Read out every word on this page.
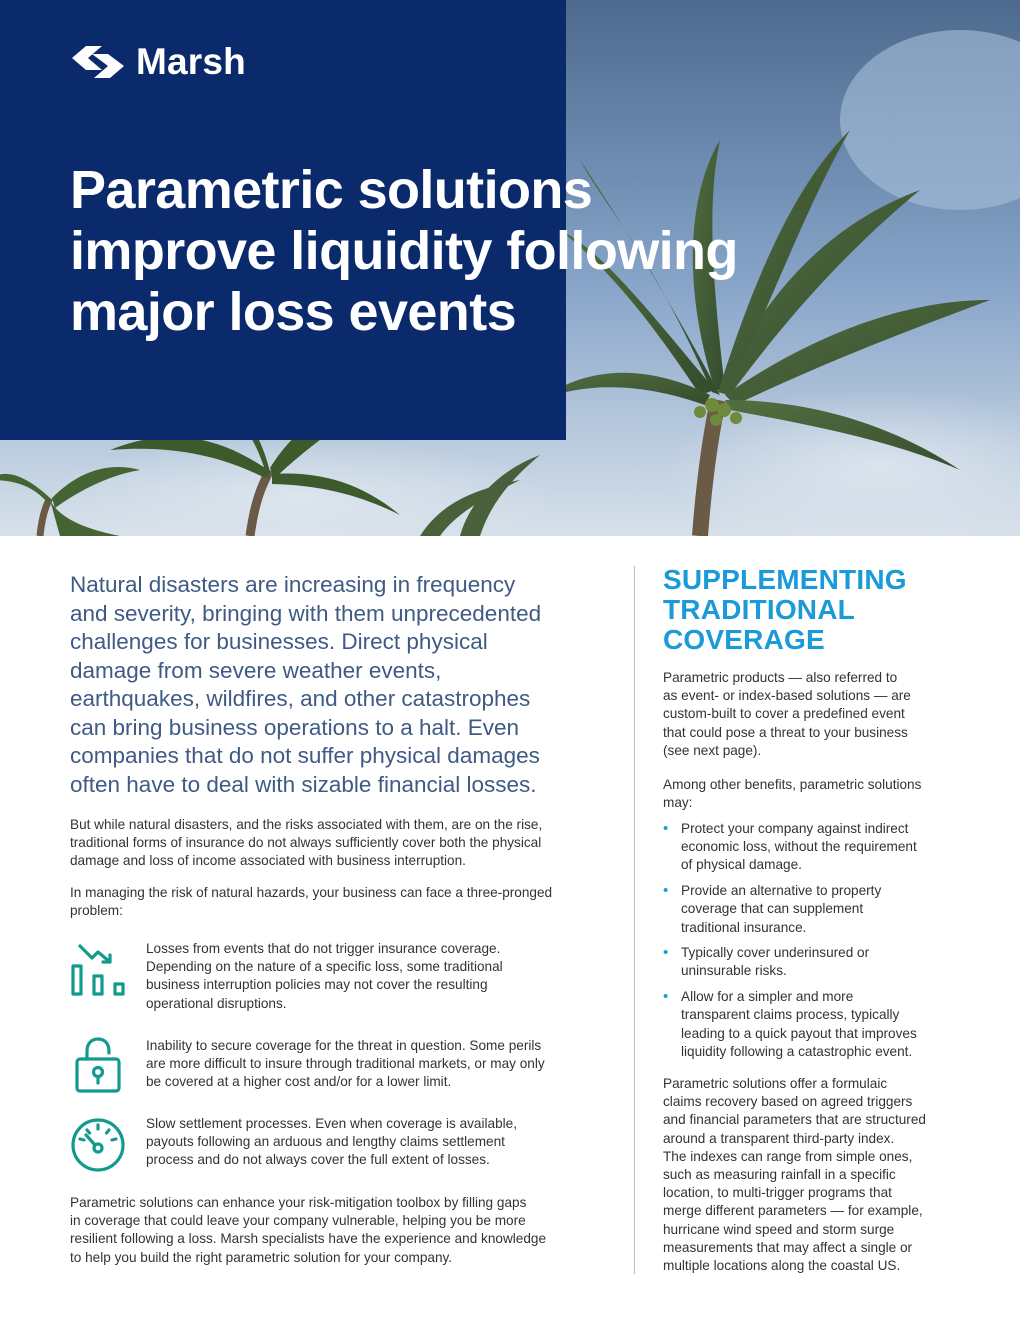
Marsh
Parametric solutions
improve liquidity following
major loss events

Natural disasters are increasing in frequency
and severity, bringing with them unprecedented
challenges for businesses. Direct physical
damage from severe weather events,
earthquakes, wildfires, and other catastrophes
can bring business operations to a halt. Even
companies that do not suffer physical damages
often have to deal with sizable financial losses.

But while natural disasters, and the risks associated with them, are on the rise,
traditional forms of insurance do not always sufficiently cover both the physical
damage and loss of income associated with business interruption.

In managing the risk of natural hazards, your business can face a three-pronged
problem:

Losses from events that do not trigger insurance coverage.
Depending on the nature of a specific loss, some traditional
business interruption policies may not cover the resulting
operational disruptions.
Inability to secure coverage for the threat in question. Some perils
are more difficult to insure through traditional markets, or may only
be covered at a higher cost and/or for a lower limit.
Slow settlement processes. Even when coverage is available,
payouts following an arduous and lengthy claims settlement
process and do not always cover the full extent of losses.

Parametric solutions can enhance your risk-mitigation toolbox by filling gaps
in coverage that could leave your company vulnerable, helping you be more
resilient following a loss. Marsh specialists have the experience and knowledge
to help you build the right parametric solution for your company.

SUPPLEMENTING
TRADITIONAL
COVERAGE

Parametric products — also referred to
as event- or index-based solutions — are
custom-built to cover a predefined event
that could pose a threat to your business
(see next page).

Among other benefits, parametric solutions
may:

• Protect your company against indirect
economic loss, without the requirement
of physical damage.
• Provide an alternative to property
coverage that can supplement
traditional insurance.
• Typically cover underinsured or
uninsurable risks.
• Allow for a simpler and more
transparent claims process, typically
leading to a quick payout that improves
liquidity following a catastrophic event.

Parametric solutions offer a formulaic
claims recovery based on agreed triggers
and financial parameters that are structured
around a transparent third-party index.
The indexes can range from simple ones,
such as measuring rainfall in a specific
location, to multi-trigger programs that
merge different parameters — for example,
hurricane wind speed and storm surge
measurements that may affect a single or
multiple locations along the coastal US.
